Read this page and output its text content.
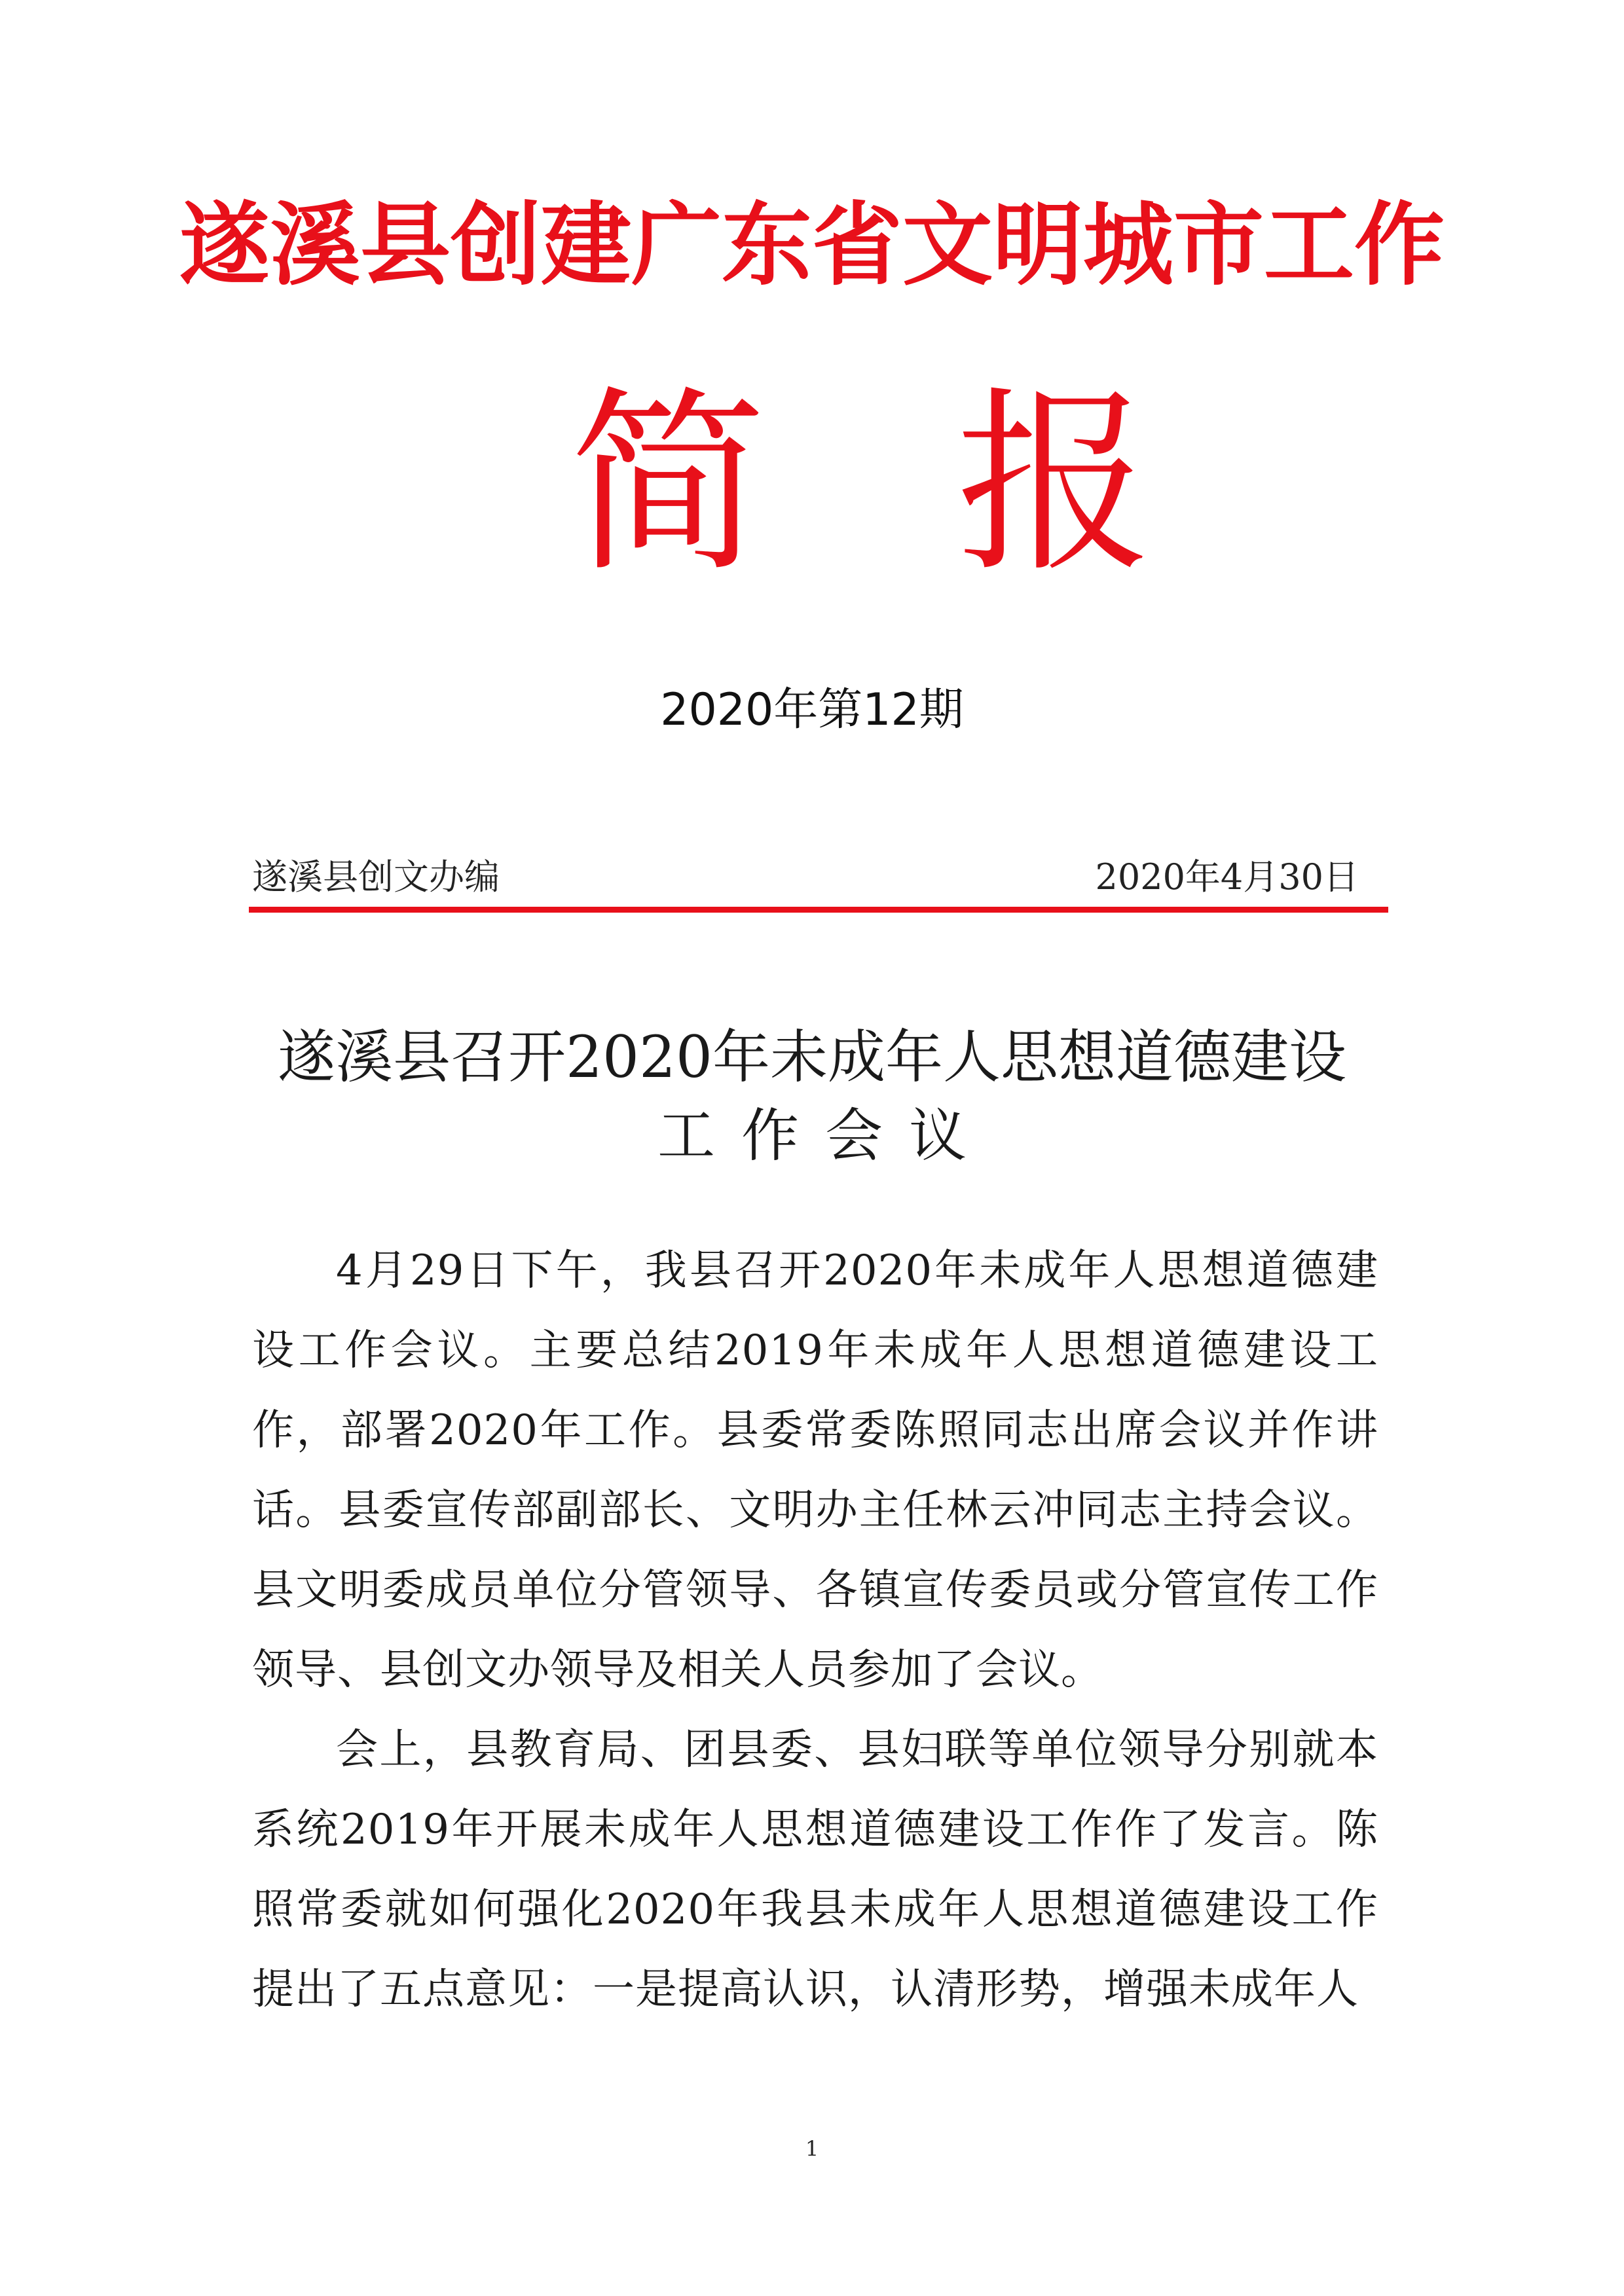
遂溪县创建广东省文明城市工作
简 报
2020年第12期
遂溪县创文办编	2020年4月30日
遂溪县召开2020年未成年人思想道德建设
工作会议

4月29日下午，我县召开2020年未成年人思想道德建设工作会议。主要总结2019年未成年人思想道德建设工作，部署2020年工作。县委常委陈照同志出席会议并作讲话。县委宣传部副部长、文明办主任林云冲同志主持会议。县文明委成员单位分管领导、各镇宣传委员或分管宣传工作领导、县创文办领导及相关人员参加了会议。

会上，县教育局、团县委、县妇联等单位领导分别就本系统2019年开展未成年人思想道德建设工作作了发言。陈照常委就如何强化2020年我县未成年人思想道德建设工作提出了五点意见：一是提高认识，认清形势，增强未成年人

1
